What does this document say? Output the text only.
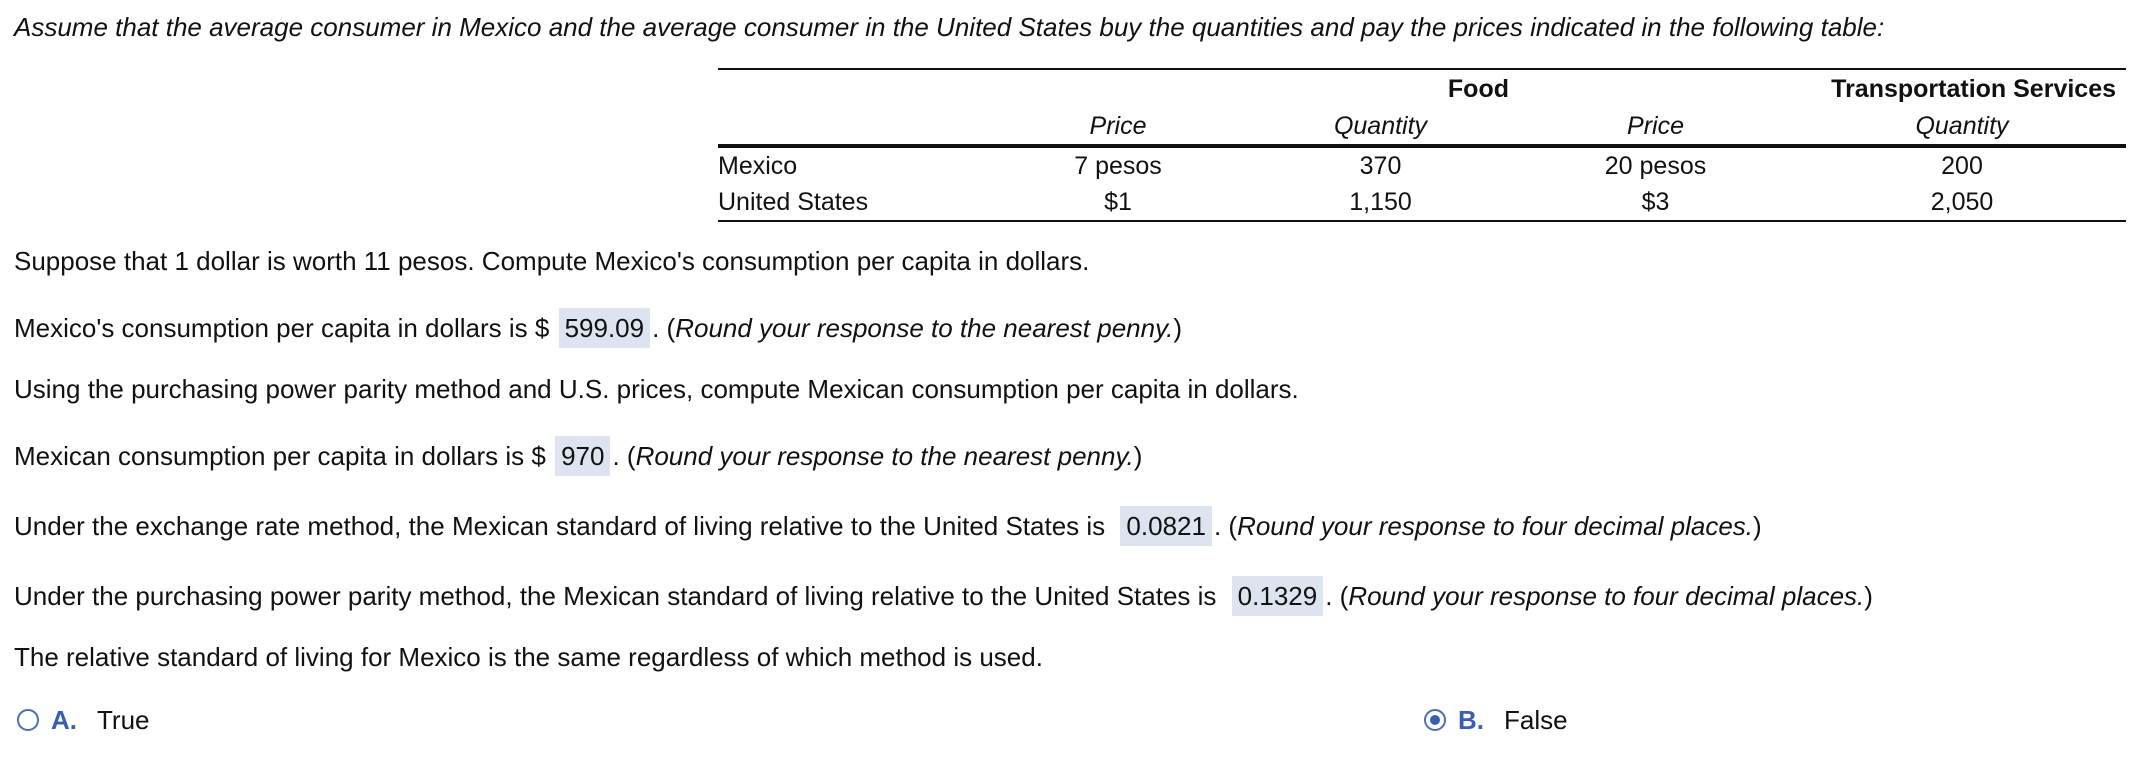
Assume that the average consumer in Mexico and the average consumer in the United States buy the quantities and pay the prices indicated in the following table:
	Food		Transportation Services	
	Price	Quantity	Price	Quantity
Mexico	7 pesos	370	20 pesos	200
United States	$1	1,150	$3	2,050
Suppose that 1 dollar is worth 11 pesos. Compute Mexico's consumption per capita in dollars.
Mexico's consumption per capita in dollars is $ 599.09 . (Round your response to the nearest penny.)
Using the purchasing power parity method and U.S. prices, compute Mexican consumption per capita in dollars.
Mexican consumption per capita in dollars is $ 970 . (Round your response to the nearest penny.)
Under the exchange rate method, the Mexican standard of living relative to the United States is 0.0821 . (Round your response to four decimal places.)
Under the purchasing power parity method, the Mexican standard of living relative to the United States is 0.1329 . (Round your response to four decimal places.)
The relative standard of living for Mexico is the same regardless of which method is used.
A. True	B. False
